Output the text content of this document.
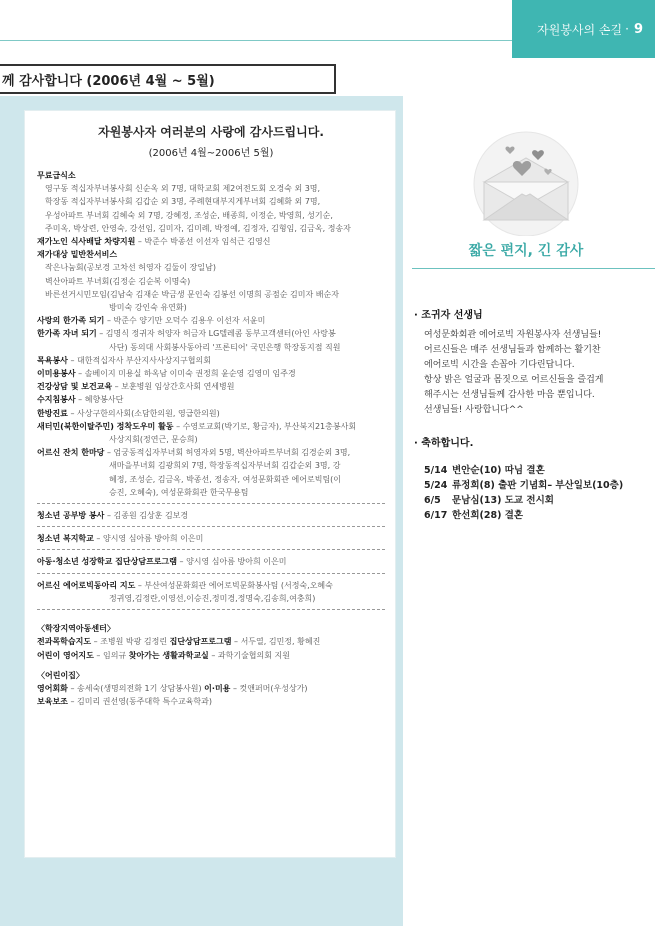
자원봉사의 손길 · 9
께 감사합니다 (2006년 4월 ~ 5월)
자원봉사자 여러분의 사랑에 감사드립니다.
(2006년 4월~2006년 5월)
무료급식소
영구동 적십자부녀봉사회 신순옥 외 7명, 대학교회 제2여전도회 오경숙 외 3명,
학장동 적십자부녀봉사회 김갑순 외 3명, 주례현대부지게부녀회 김혜화 외 7명,
우성아파트 부녀회 김혜숙 외 7명, 강혜정, 조성순, 배종희, 이정순, 박영희, 성기순,
주미옥, 박상련, 안영숙, 강선임, 김미자, 김미례, 박정예, 김정자, 김형임, 김금옥, 정송자
재가노인 식사배달 차량지원 – 박준수 박종선 이선자 임석근 김영신
재가대상 밑반찬서비스
작은나눔회(공보경 고차선 허영자 김둘이 장일남)
벽산아파트 부녀회(김정순 김순복 이명숙)
바른선거시민모임(김남숙 김재순 박금생 문인숙 김봉선 이명희 공점순 김미자 배순자
방미숙 강인숙 유연화)
사랑의 한가족 되기 – 박준수 양기만 오덕수 김용우 이선자 서윤미
한가족 자녀 되기 – 김명식 정귀자 허양자 허금자 LG텔레콤 동부고객센터(아인 사랑봉
사단) 동의대 사회봉사동아리 '프론티어' 국민은행 학장동지점 직원
목욕봉사 – 대한적십자사 부산지사사상지구협의회
이미용봉사 – 솔베이지 미용실 하옥남 이미숙 권정희 윤순영 김영미 임주경
건강상담 및 보건교육 – 보훈병원 임상간호사회 연세병원
수지침봉사 – 혜향봉사단
한방진료 – 사상구한의사회(소담한의원, 영급한의원)
새터민(북한이탈주민) 정착도우미 활동 – 수영로교회(박기로, 황금자), 부산북지21총봉사회
사상지회(정연근, 문승희)
어르신 잔치 한마당 – 엄궁동적십자부녀회 허영자외 5명, 벽산아파트부녀회 김경순외 3명,
새마을부녀회 김광희외 7명, 학장동적십자부녀회 김갑순외 3명, 강
혜정, 조성순, 김금옥, 박종선, 정송자, 여성문화회관 에어로빅팀(이
승진, 오혜숙), 여성문화회관 한국무용팀
청소년 공부방 봉사 – 김종원 김상훈 김보경
청소년 복지학교 – 양시영 심아름 방아희 이은미
아동·청소년 성장학교 집단상담프로그램 – 양시영 심아름 방아희 이은미
어르신 에어로빅동아리 지도 – 부산여성문화회관 에어로빅문화봉사팀 (서정숙,오혜숙
정귀영,김정란,이영선,이승진,정미경,정명숙,김송희,여충희)
〈학장지역아동센터〉
전과목학습지도 – 조병원 박광 김정린 집단상담프로그램 – 서두열, 김민정, 황혜진
어린이 영어지도 – 임의규 찾아가는 생활과학교실 – 과학기술협의회 지원
〈어린이집〉
영어회화 – 송세숙(생명의전화 1기 상담봉사원) 이·미용 – 컷앤퍼머(우성상가)
보육보조 – 김미리 권선영(동주대학 특수교육학과)
짧은 편지, 긴 감사
· 조귀자 선생님
여성문화회관 에어로빅 자원봉사자 선생님들!
어르신들은 매주 선생님들과 함께하는 활기찬
에어로빅 시간을 손꼽아 기다린답니다.
항상 밝은 얼굴과 몸짓으로 어르신들을 즐겁게
해주시는 선생님들께 감사한 마음 뿐입니다.
선생님들! 사랑합니다^^
· 축하합니다.
5/14 변안순(10) 따님 결혼
5/24 류정희(8) 출판 기념회– 부산일보(10층)
6/5 문남심(13) 도교 전시회
6/17 한선희(28) 결혼
